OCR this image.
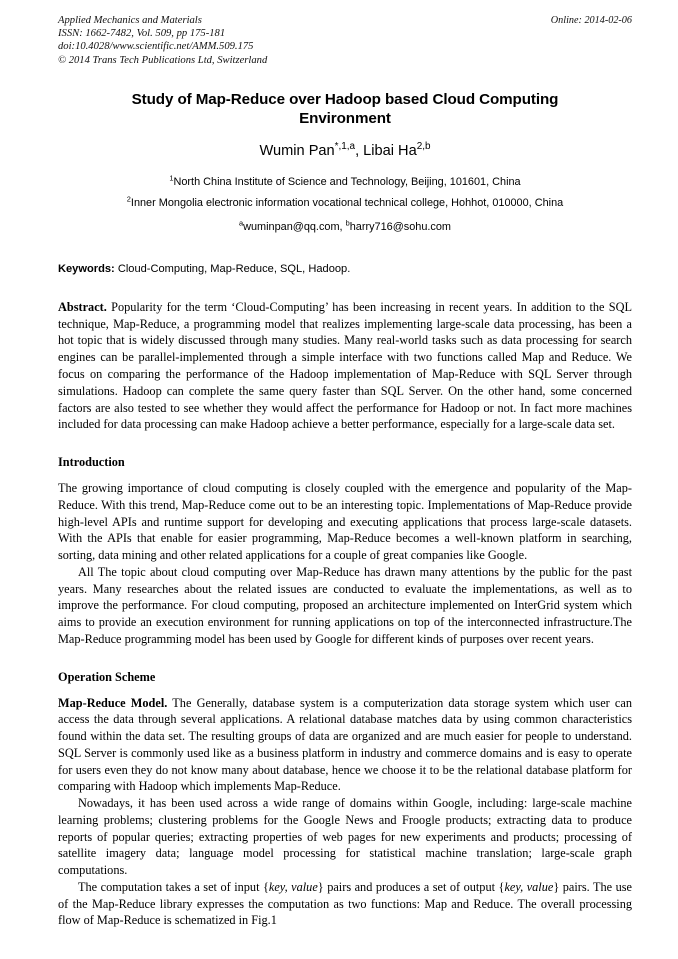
Applied Mechanics and Materials
ISSN: 1662-7482, Vol. 509, pp 175-181
doi:10.4028/www.scientific.net/AMM.509.175
© 2014 Trans Tech Publications Ltd, Switzerland
Online: 2014-02-06
Study of Map-Reduce over Hadoop based Cloud Computing Environment
Wumin Pan$^{*,1,a}$, Libai Ha$^{2,b}$
$^1$North China Institute of Science and Technology, Beijing, 101601, China
$^2$Inner Mongolia electronic information vocational technical college, Hohhot, 010000, China
$^a$wuminpan@qq.com, $^b$harry716@sohu.com
Keywords: Cloud-Computing, Map-Reduce, SQL, Hadoop.
Abstract. Popularity for the term ‘Cloud-Computing’ has been increasing in recent years. In addition to the SQL technique, Map-Reduce, a programming model that realizes implementing large-scale data processing, has been a hot topic that is widely discussed through many studies. Many real-world tasks such as data processing for search engines can be parallel-implemented through a simple interface with two functions called Map and Reduce. We focus on comparing the performance of the Hadoop implementation of Map-Reduce with SQL Server through simulations. Hadoop can complete the same query faster than SQL Server. On the other hand, some concerned factors are also tested to see whether they would affect the performance for Hadoop or not. In fact more machines included for data processing can make Hadoop achieve a better performance, especially for a large-scale data set.
Introduction

The growing importance of cloud computing is closely coupled with the emergence and popularity of the Map-Reduce. With this trend, Map-Reduce come out to be an interesting topic. Implementations of Map-Reduce provide high-level APIs and runtime support for developing and executing applications that process large-scale datasets. With the APIs that enable for easier programming, Map-Reduce becomes a well-known platform in searching, sorting, data mining and other related applications for a couple of great companies like Google.

All The topic about cloud computing over Map-Reduce has drawn many attentions by the public for the past years. Many researches about the related issues are conducted to evaluate the implementations, as well as to improve the performance. For cloud computing, proposed an architecture implemented on InterGrid system which aims to provide an execution environment for running applications on top of the interconnected infrastructure.The Map-Reduce programming model has been used by Google for different kinds of purposes over recent years.

Operation Scheme

Map-Reduce Model. The Generally, database system is a computerization data storage system which user can access the data through several applications. A relational database matches data by using common characteristics found within the data set. The resulting groups of data are organized and are much easier for people to understand. SQL Server is commonly used like as a business platform in industry and commerce domains and is easy to operate for users even they do not know many about database, hence we choose it to be the relational database platform for comparing with Hadoop which implements Map-Reduce.

Nowadays, it has been used across a wide range of domains within Google, including: large-scale machine learning problems; clustering problems for the Google News and Froogle products; extracting data to produce reports of popular queries; extracting properties of web pages for new experiments and products; processing of satellite imagery data; language model processing for statistical machine translation; large-scale graph computations.

The computation takes a set of input {key, value} pairs and produces a set of output {key, value} pairs. The use of the Map-Reduce library expresses the computation as two functions: Map and Reduce. The overall processing flow of Map-Reduce is schematized in Fig.1
